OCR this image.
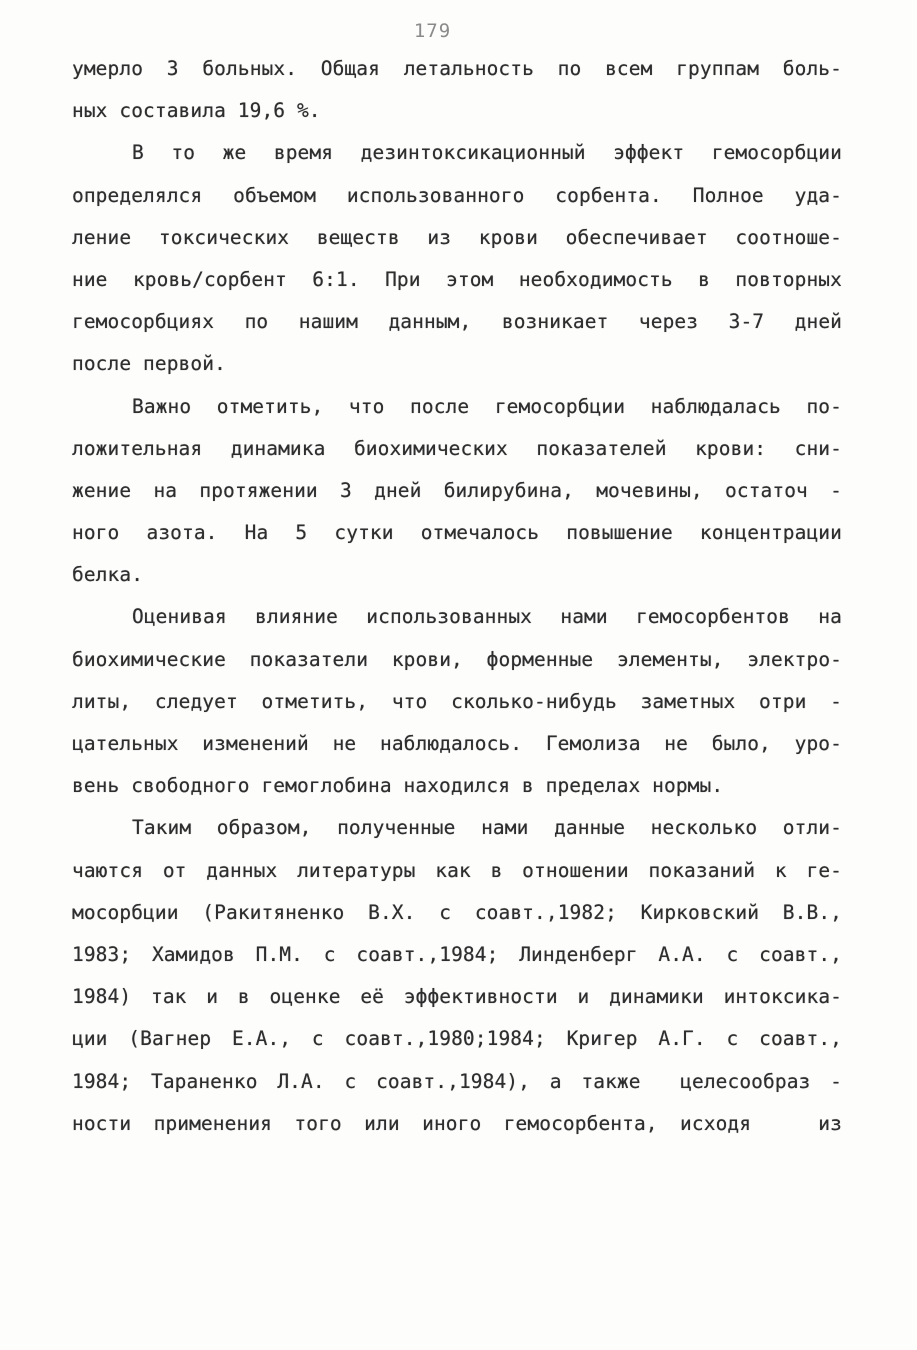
179
умерло 3 больных. Общая летальность по всем группам боль-
ных составила 19,6 %.
В то же время дезинтоксикационный эффект гемосорбции
определялся объемом использованного сорбента. Полное уда-
ление токсических веществ из крови обеспечивает соотноше-
ние кровь/сорбент 6:1. При этом необходимость в повторных
гемосорбциях по нашим данным, возникает через 3-7 дней
после первой.
Важно отметить, что после гемосорбции наблюдалась по-
ложительная динамика биохимических показателей крови: сни-
жение на протяжении 3 дней билирубина, мочевины, остаточ -
ного азота. На 5 сутки отмечалось повышение концентрации
белка.
Оценивая влияние использованных нами гемосорбентов на
биохимические показатели крови, форменные элементы, электро-
литы, следует отметить, что сколько-нибудь заметных отри -
цательных изменений не наблюдалось. Гемолиза не было, уро-
вень свободного гемоглобина находился в пределах нормы.
Таким образом, полученные нами данные несколько отли-
чаются от данных литературы как в отношении показаний к ге-
мосорбции (Ракитяненко В.Х. с соавт.,1982; Кирковский В.В.,
1983; Хамидов П.М. с соавт.,1984; Линденберг А.А. с соавт.,
1984) так и в оценке её эффективности и динамики интоксика-
ции (Вагнер Е.А., с соавт.,1980;1984; Кригер А.Г. с соавт.,
1984; Тараненко Л.А. с соавт.,1984), а также  целесообраз -
ности применения того или иного гемосорбента, исходя   из
